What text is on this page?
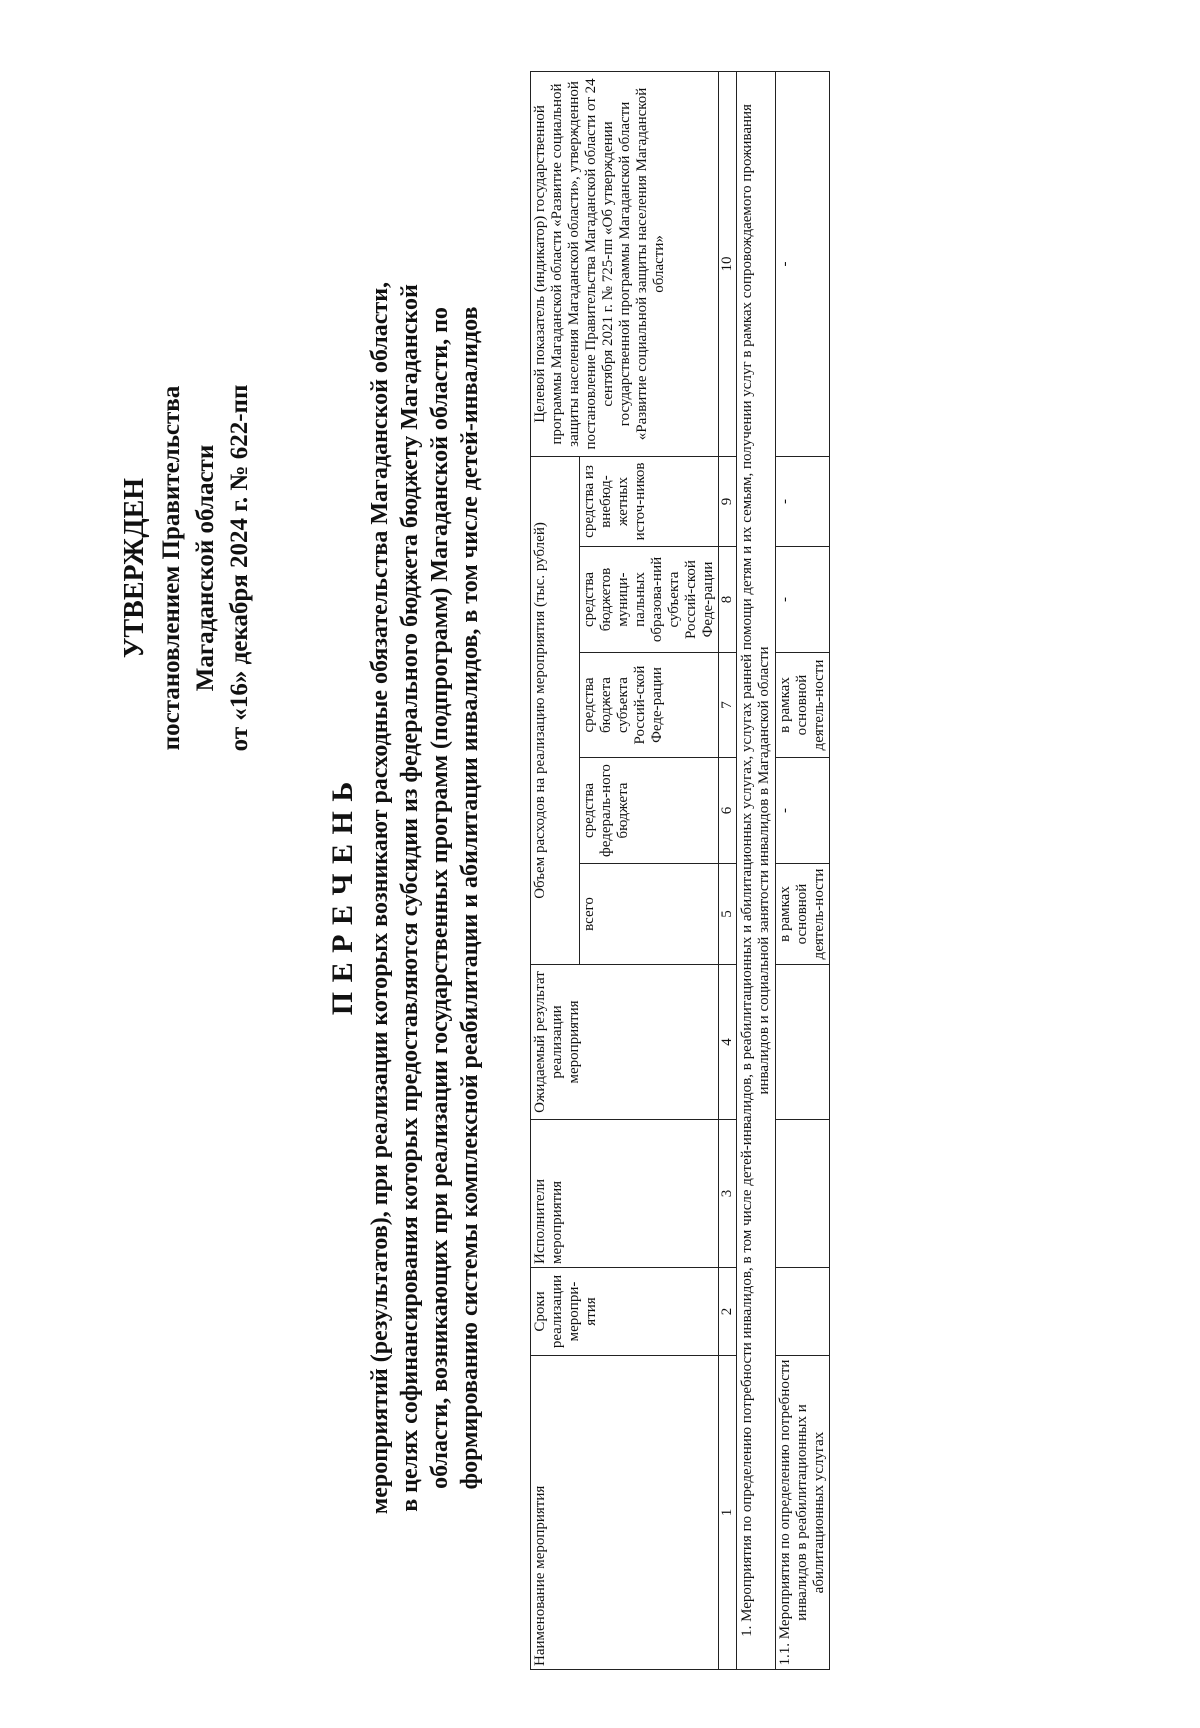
УТВЕРЖДЕН постановлением Правительства Магаданской области от «16» декабря 2024 г. № 622-пп
П Е Р Е Ч Е Н Ь мероприятий (результатов), при реализации которых возникают расходные обязательства Магаданской области, в целях софинансирования которых предоставляются субсидии из федерального бюджета бюджету Магаданской области, возникающих при реализации государственных программ (подпрограмм) Магаданской области, по формированию системы комплексной реабилитации и абилитации инвалидов, в том числе детей-инвалидов
Наименование мероприятия	Сроки реализации меропри-ятия	Исполнители мероприятия	Ожидаемый результат реализации мероприятия	Объем расходов на реализацию мероприятия (тыс. рублей)					Целевой показатель (индикатор) государственной программы Магаданской области «Развитие социальной защиты населения Магаданской области», утвержденной постановление Правительства Магаданской области от 24 сентября 2021 г. № 725-пп «Об утверждении государственной программы Магаданской области «Развитие социальной защиты населения Магаданской области»
				всего	средства федераль-ного бюджета	средства бюджета субъекта Россий-ской Феде-рации	средства бюджетов муници-пальных образова-ний субъекта Россий-ской Феде-рации	средства из внебюд-жетных источ-ников	
1	2	3	4	5	6	7	8	9	10
1. Мероприятия по определению потребности инвалидов, в том числе детей-инвалидов, в реабилитационных и абилитационных услугах, услугах ранней помощи детям и их семьям, получении услуг в рамках сопровождаемого проживания инвалидов и социальной занятости инвалидов в Магаданской области									
1.1. Мероприятия по определению потребности инвалидов в реабилитационных и абилитационных услугах				в рамках основной деятель-ности	-	в рамках основной деятель-ности	-	-	-
